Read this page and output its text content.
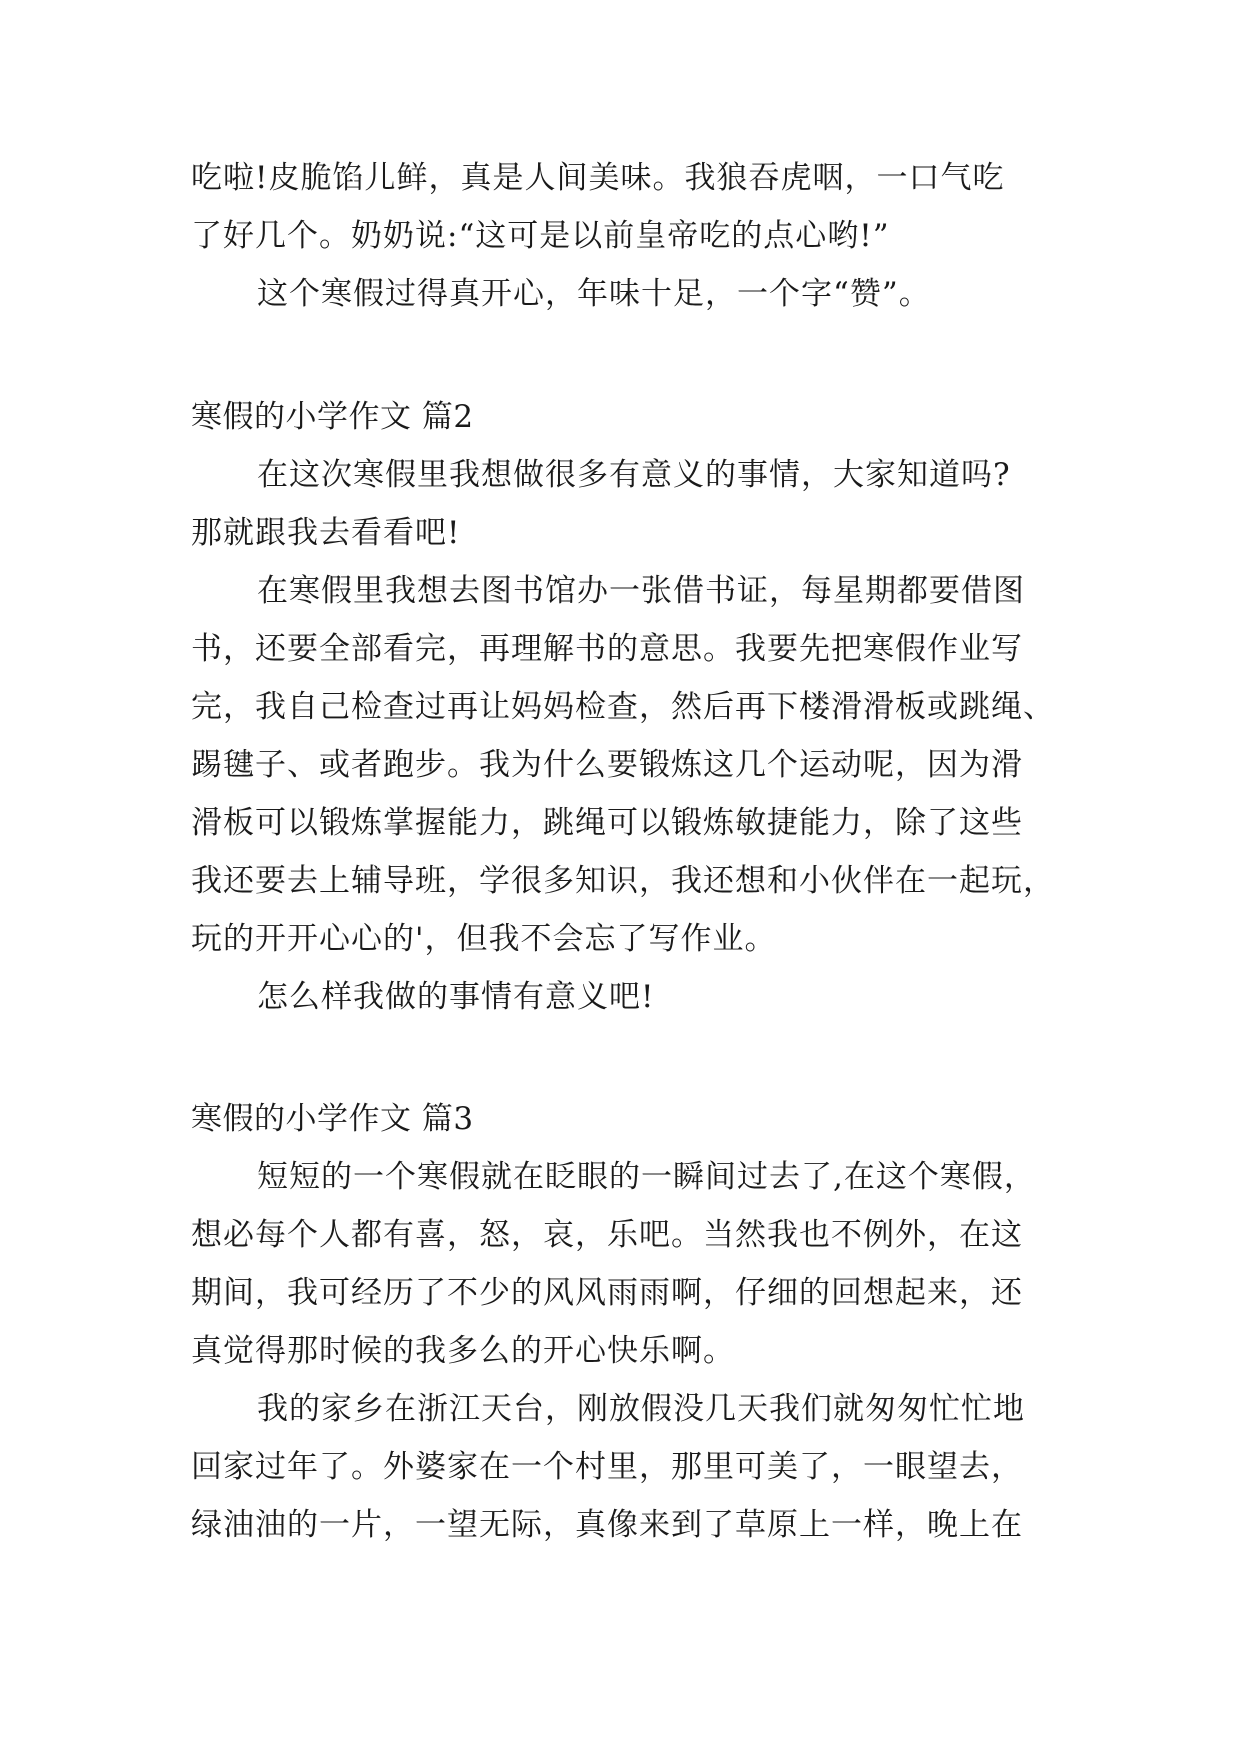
吃啦!皮脆馅儿鲜，真是人间美味。我狼吞虎咽，一口气吃
了好几个。奶奶说:“这可是以前皇帝吃的点心哟!”
这个寒假过得真开心，年味十足，一个字“赞”。
寒假的小学作文 篇2
在这次寒假里我想做很多有意义的事情，大家知道吗?
那就跟我去看看吧!
在寒假里我想去图书馆办一张借书证，每星期都要借图
书，还要全部看完，再理解书的意思。我要先把寒假作业写
完，我自己检查过再让妈妈检查，然后再下楼滑滑板或跳绳、
踢毽子、或者跑步。我为什么要锻炼这几个运动呢，因为滑
滑板可以锻炼掌握能力，跳绳可以锻炼敏捷能力，除了这些
我还要去上辅导班，学很多知识，我还想和小伙伴在一起玩，
玩的开开心心的'，但我不会忘了写作业。
怎么样我做的事情有意义吧!
寒假的小学作文 篇3
短短的一个寒假就在眨眼的一瞬间过去了,在这个寒假，
想必每个人都有喜，怒，哀，乐吧。当然我也不例外，在这
期间，我可经历了不少的风风雨雨啊，仔细的回想起来，还
真觉得那时候的我多么的开心快乐啊。
我的家乡在浙江天台，刚放假没几天我们就匆匆忙忙地
回家过年了。外婆家在一个村里，那里可美了，一眼望去，
绿油油的一片，一望无际，真像来到了草原上一样，晚上在
